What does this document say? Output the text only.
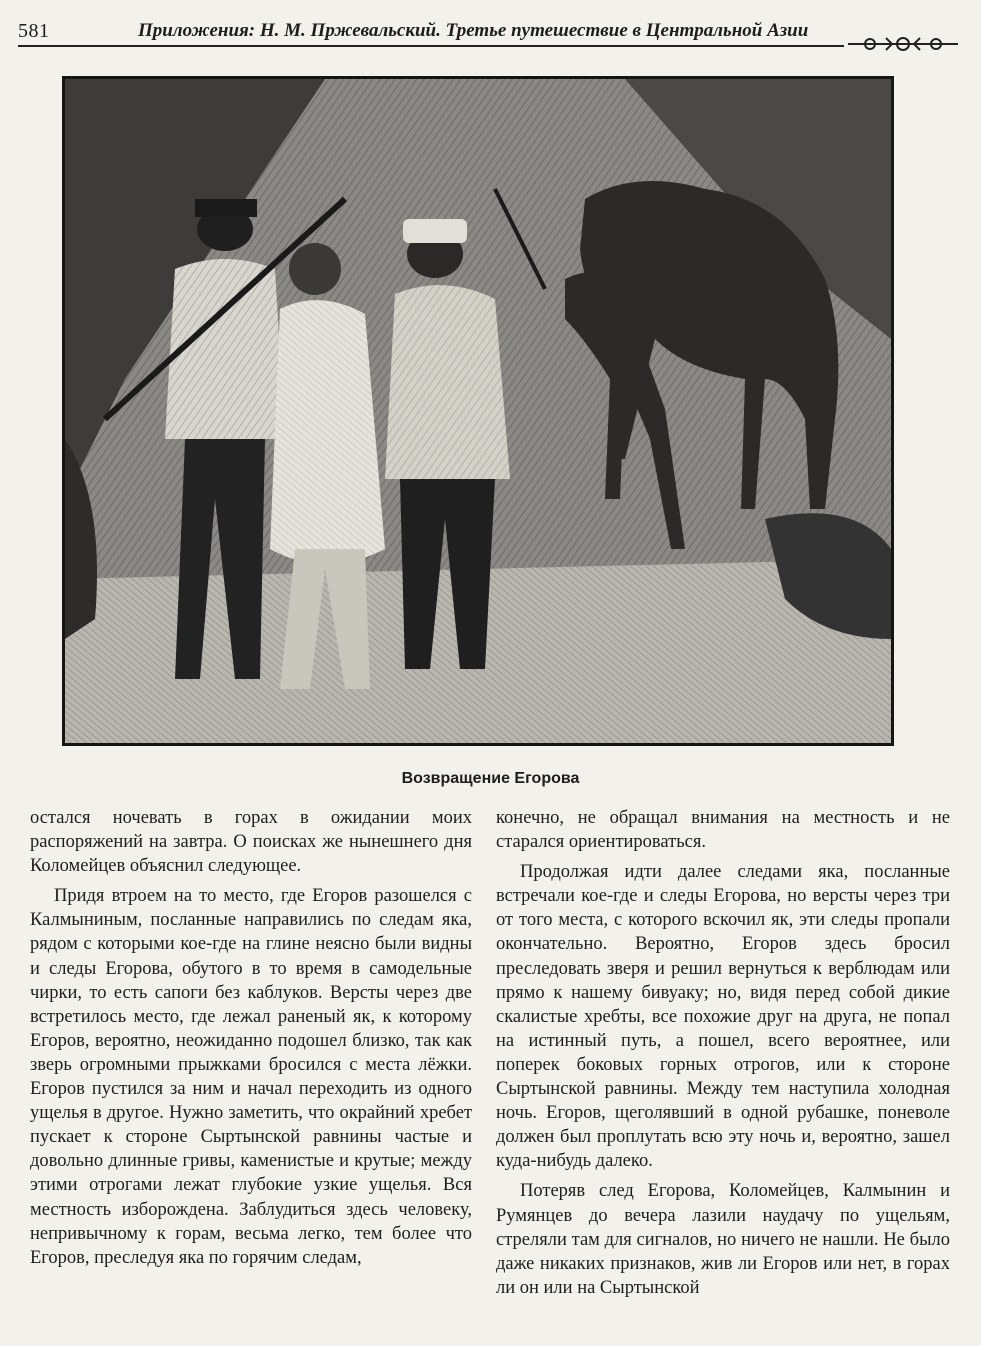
581	Приложения: Н. М. Пржевальский. Третье путешествие в Центральной Азии
Возвращение Егорова

остался ночевать в горах в ожидании моих распоряжений на завтра. О поисках же нынешнего дня Коломейцев объяснил следующее.

Придя втроем на то место, где Егоров разошелся с Калмыниным, посланные направились по следам яка, рядом с которыми кое-где на глине неясно были видны и следы Егорова, обутого в то время в самодельные чирки, то есть сапоги без каблуков. Версты через две встретилось место, где лежал раненый як, к которому Егоров, вероятно, неожиданно подошел близко, так как зверь огромными прыжками бросился с места лёжки. Егоров пустился за ним и начал переходить из одного ущелья в другое. Нужно заметить, что окрайний хребет пускает к стороне Сыртынской равнины частые и довольно длинные гривы, каменистые и крутые; между этими отрогами лежат глубокие узкие ущелья. Вся местность изборождена. Заблудиться здесь человеку, непривычному к горам, весьма легко, тем более что Егоров, преследуя яка по горячим следам,

конечно, не обращал внимания на местность и не старался ориентироваться.

Продолжая идти далее следами яка, посланные встречали кое-где и следы Егорова, но версты через три от того места, с которого вскочил як, эти следы пропали окончательно. Вероятно, Егоров здесь бросил преследовать зверя и решил вернуться к верблюдам или прямо к нашему бивуаку; но, видя перед собой дикие скалистые хребты, все похожие друг на друга, не попал на истинный путь, а пошел, всего вероятнее, или поперек боковых горных отрогов, или к стороне Сыртынской равнины. Между тем наступила холодная ночь. Егоров, щеголявший в одной рубашке, поневоле должен был проплутать всю эту ночь и, вероятно, зашел куда-нибудь далеко.

Потеряв след Егорова, Коломейцев, Калмынин и Румянцев до вечера лазили наудачу по ущельям, стреляли там для сигналов, но ничего не нашли. Не было даже никаких признаков, жив ли Егоров или нет, в горах ли он или на Сыртынской
